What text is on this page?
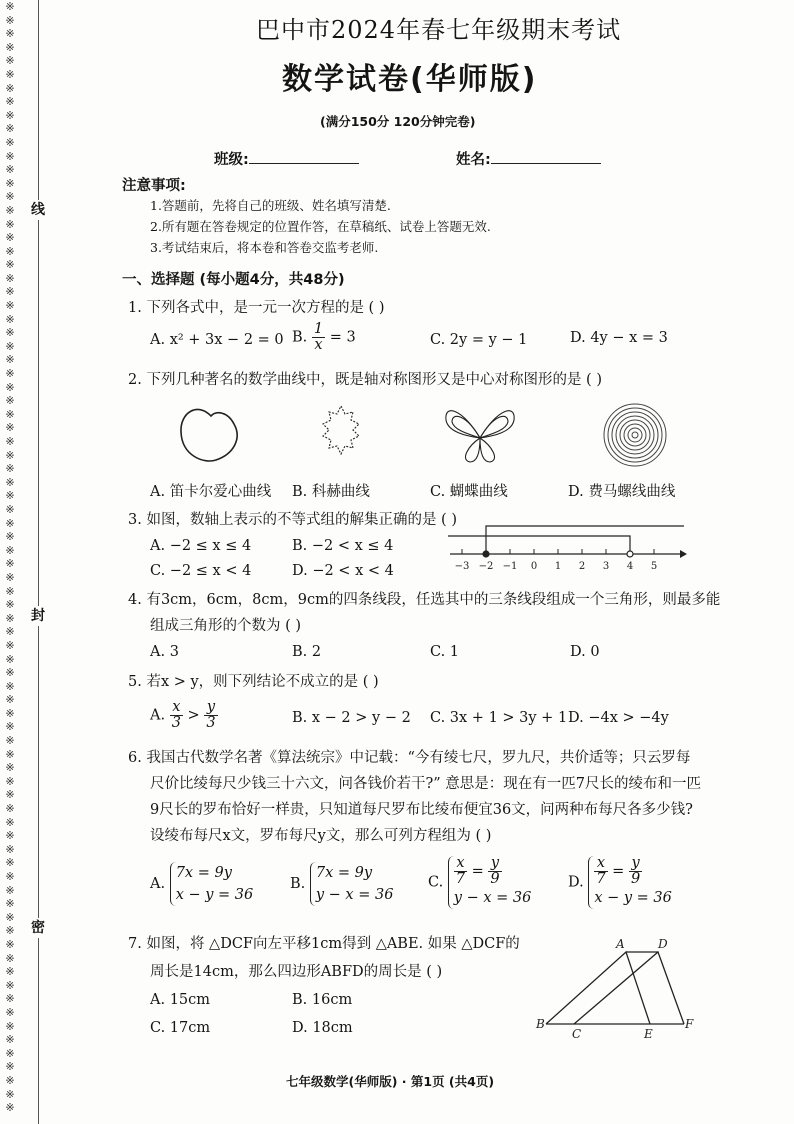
※
※
※
※
※
※
※
※
※
※
※
※
※
※
※
※
※
※
※
※
※
※
※
※
※
※
※
※
※
※
※
※
※
※
※
※
※
※
※
※
※
※
※
※
※
※
※
※
※
※
※
※
※
※
※
※
※
※
※
※
※
※
※
※
※
※
※
※
※
※
※
※
※
※
※
※
※
※
※
※
※
※
线
封
密
巴中市2024年春七年级期末考试
数学试卷(华师版)
(满分150分 120分钟完卷)
班级:	姓名:
注意事项:
1.答题前，先将自己的班级、姓名填写清楚.
2.所有题在答卷规定的位置作答，在草稿纸、试卷上答题无效.
3.考试结束后，将本卷和答卷交监考老师.
一、选择题 (每小题4分，共48分)
1. 下列各式中，是一元一次方程的是 ( )
A. x² + 3x − 2 = 0 B. $\frac{1}{x} = 3$	C. 2y = y − 1	D. 4y − x = 3
2. 下列几种著名的数学曲线中，既是轴对称图形又是中心对称图形的是 ( )
A. 笛卡尔爱心曲线 B. 科赫曲线	C. 蝴蝶曲线	D. 费马螺线曲线
3. 如图，数轴上表示的不等式组的解集正确的是 ( )
A. −2 ≤ x ≤ 4	B. −2 < x ≤ 4
C. −2 ≤ x < 4	D. −2 < x < 4	−3 −2 −1 0 1 2 3 4 5
4. 有3cm，6cm，8cm，9cm的四条线段，任选其中的三条线段组成一个三角形，则最多能
组成三角形的个数为 ( )
A. 3	B. 2	C. 1	D. 0
5. 若x > y，则下列结论不成立的是 ( )
A. $\frac{x}{3} > \frac{y}{3}$	B. x − 2 > y − 2 C. 3x + 1 > 3y + 1 D. −4x > −4y
6. 我国古代数学名著《算法统宗》中记载：“今有绫七尺，罗九尺，共价适等；只云罗每
尺价比绫每尺少钱三十六文，问各钱价若干?” 意思是：现在有一匹7尺长的绫布和一匹
9尺长的罗布恰好一样贵，只知道每尺罗布比绫布便宜36文，问两种布每尺各多少钱?
设绫布每尺x文，罗布每尺y文，那么可列方程组为 ( )
A. 7x = 9y
x − y = 36
B. 7x = 9y
y − x = 36
C. $\frac{x}{7} = \frac{y}{9}$

y − x = 36
D. $\frac{x}{7} = \frac{y}{9}$

x − y = 36
7. 如图，将 △DCF向左平移1cm得到 △ABE. 如果 △DCF的
周长是14cm，那么四边形ABFD的周长是 ( )
A. 15cm	B. 16cm
C. 17cm	D. 18cm
A	D
B
C	E
F
七年级数学(华师版) · 第1页 (共4页)
